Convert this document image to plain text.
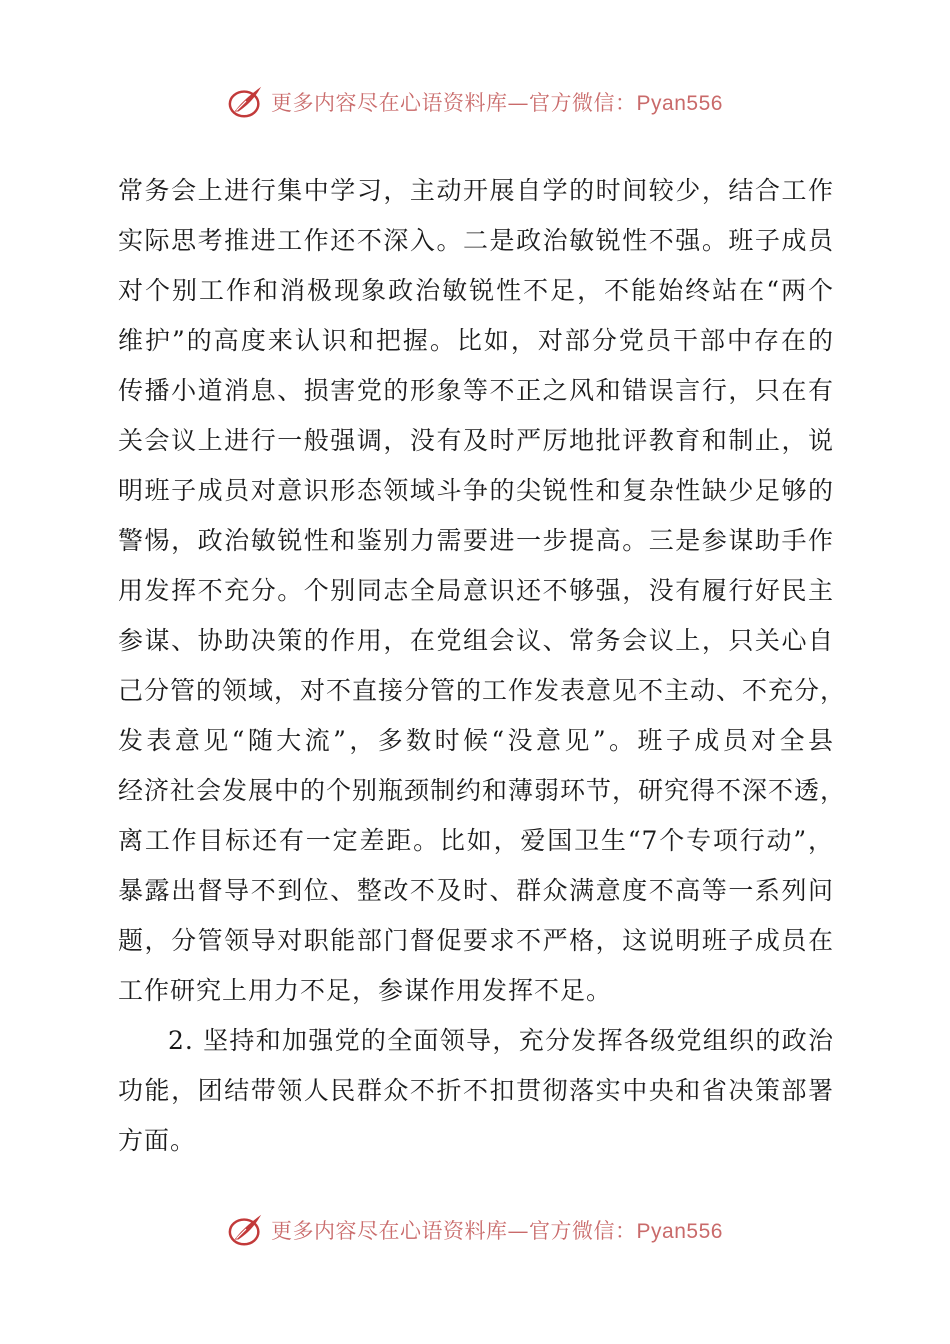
更多内容尽在心语资料库—官方微信：Pyan556
常务会上进行集中学习，主动开展自学的时间较少，结合工作
实际思考推进工作还不深入。二是政治敏锐性不强。班子成员
对个别工作和消极现象政治敏锐性不足，不能始终站在“两个
维护”的高度来认识和把握。比如，对部分党员干部中存在的
传播小道消息、损害党的形象等不正之风和错误言行，只在有
关会议上进行一般强调，没有及时严厉地批评教育和制止，说
明班子成员对意识形态领域斗争的尖锐性和复杂性缺少足够的
警惕，政治敏锐性和鉴别力需要进一步提高。三是参谋助手作
用发挥不充分。个别同志全局意识还不够强，没有履行好民主
参谋、协助决策的作用，在党组会议、常务会议上，只关心自
己分管的领域，对不直接分管的工作发表意见不主动、不充分，
发表意见“随大流”，多数时候“没意见”。班子成员对全县
经济社会发展中的个别瓶颈制约和薄弱环节，研究得不深不透，
离工作目标还有一定差距。比如，爱国卫生“7个专项行动”，
暴露出督导不到位、整改不及时、群众满意度不高等一系列问
题，分管领导对职能部门督促要求不严格，这说明班子成员在
工作研究上用力不足，参谋作用发挥不足。
2. 坚持和加强党的全面领导，充分发挥各级党组织的政治
功能，团结带领人民群众不折不扣贯彻落实中央和省决策部署
方面。
更多内容尽在心语资料库—官方微信：Pyan556
